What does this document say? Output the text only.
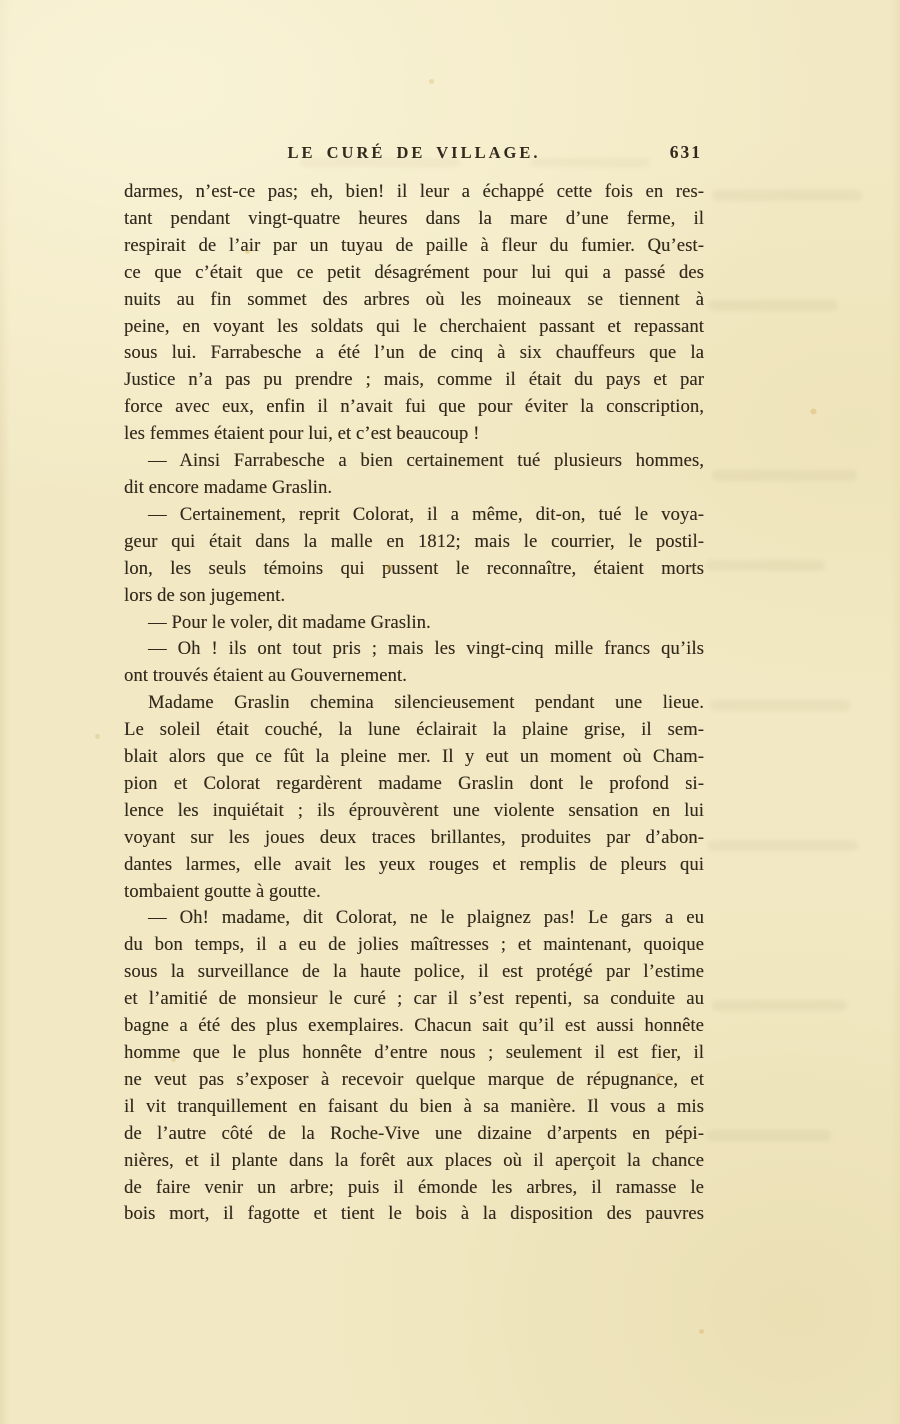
LE CURÉ DE VILLAGE.	631
darmes, n’est-ce pas; eh, bien! il leur a échappé cette fois en res-
tant pendant vingt-quatre heures dans la mare d’une ferme, il
respirait de l’air par un tuyau de paille à fleur du fumier. Qu’est-
ce que c’était que ce petit désagrément pour lui qui a passé des
nuits au fin sommet des arbres où les moineaux se tiennent à
peine, en voyant les soldats qui le cherchaient passant et repassant
sous lui. Farrabesche a été l’un de cinq à six chauffeurs que la
Justice n’a pas pu prendre ; mais, comme il était du pays et par
force avec eux, enfin il n’avait fui que pour éviter la conscription,
les femmes étaient pour lui, et c’est beaucoup !
— Ainsi Farrabesche a bien certainement tué plusieurs hommes,
dit encore madame Graslin.
— Certainement, reprit Colorat, il a même, dit-on, tué le voya-
geur qui était dans la malle en 1812; mais le courrier, le postil-
lon, les seuls témoins qui pussent le reconnaître, étaient morts
lors de son jugement.
— Pour le voler, dit madame Graslin.
— Oh ! ils ont tout pris ; mais les vingt-cinq mille francs qu’ils
ont trouvés étaient au Gouvernement.
Madame Graslin chemina silencieusement pendant une lieue.
Le soleil était couché, la lune éclairait la plaine grise, il sem-
blait alors que ce fût la pleine mer. Il y eut un moment où Cham-
pion et Colorat regardèrent madame Graslin dont le profond si-
lence les inquiétait ; ils éprouvèrent une violente sensation en lui
voyant sur les joues deux traces brillantes, produites par d’abon-
dantes larmes, elle avait les yeux rouges et remplis de pleurs qui
tombaient goutte à goutte.
— Oh! madame, dit Colorat, ne le plaignez pas! Le gars a eu
du bon temps, il a eu de jolies maîtresses ; et maintenant, quoique
sous la surveillance de la haute police, il est protégé par l’estime
et l’amitié de monsieur le curé ; car il s’est repenti, sa conduite au
bagne a été des plus exemplaires. Chacun sait qu’il est aussi honnête
homme que le plus honnête d’entre nous ; seulement il est fier, il
ne veut pas s’exposer à recevoir quelque marque de répugnance, et
il vit tranquillement en faisant du bien à sa manière. Il vous a mis
de l’autre côté de la Roche-Vive une dizaine d’arpents en pépi-
nières, et il plante dans la forêt aux places où il aperçoit la chance
de faire venir un arbre; puis il émonde les arbres, il ramasse le
bois mort, il fagotte et tient le bois à la disposition des pauvres
